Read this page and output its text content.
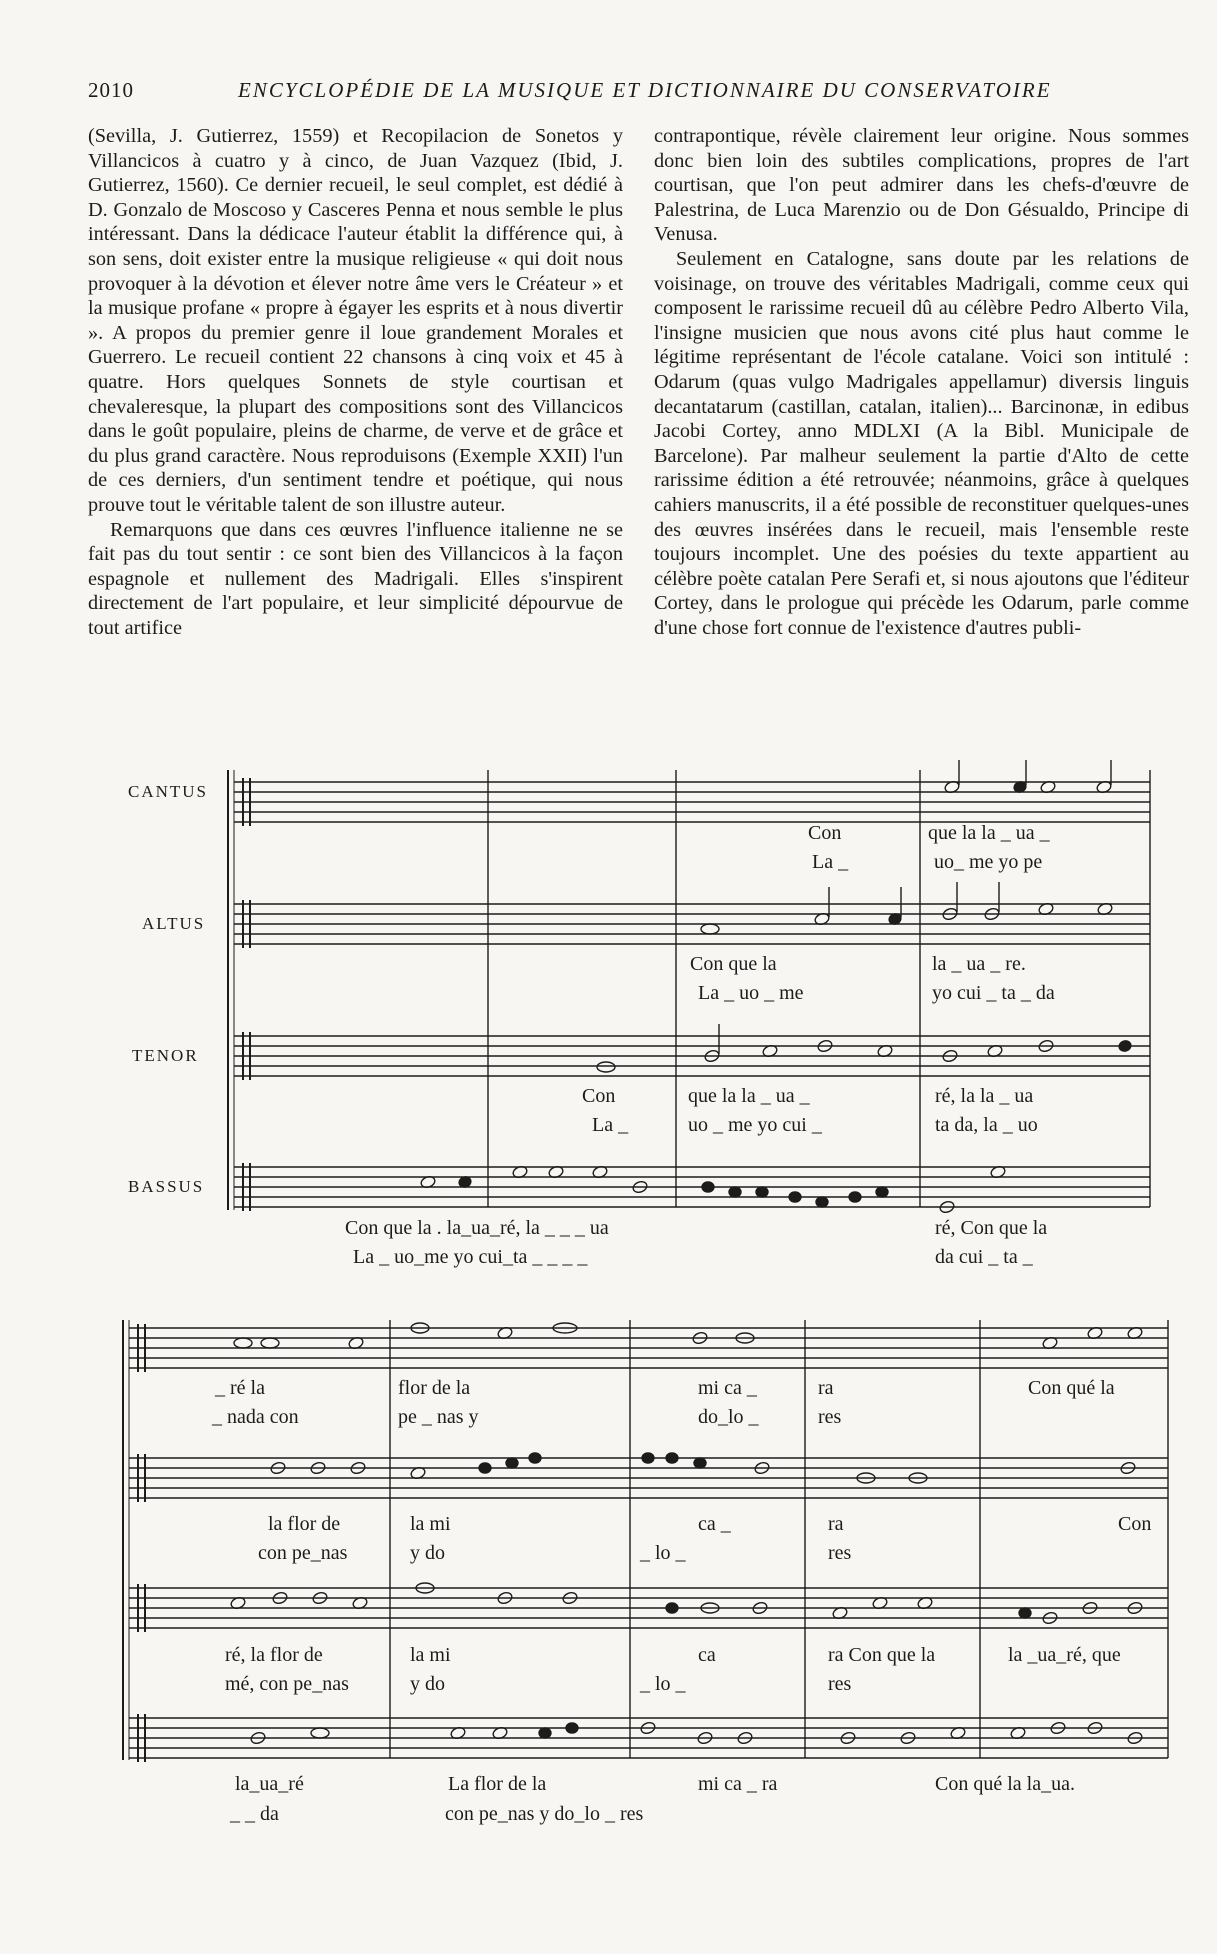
2010	ENCYCLOPÉDIE DE LA MUSIQUE ET DICTIONNAIRE DU CONSERVATOIRE

(Sevilla, J. Gutierrez, 1559) et Recopilacion de Sonetos y Villancicos à cuatro y à cinco, de Juan Vazquez (Ibid, J. Gutierrez, 1560). Ce dernier recueil, le seul complet, est dédié à D. Gonzalo de Moscoso y Casceres Penna et nous semble le plus intéressant. Dans la dédicace l'auteur établit la différence qui, à son sens, doit exister entre la musique religieuse « qui doit nous provoquer à la dévotion et élever notre âme vers le Créateur » et la musique profane « propre à égayer les esprits et à nous divertir ». A propos du premier genre il loue grandement Morales et Guerrero. Le recueil contient 22 chansons à cinq voix et 45 à quatre. Hors quelques Sonnets de style courtisan et chevaleresque, la plupart des compositions sont des Villancicos dans le goût populaire, pleins de charme, de verve et de grâce et du plus grand caractère. Nous reproduisons (Exemple XXII) l'un de ces derniers, d'un sentiment tendre et poétique, qui nous prouve tout le véritable talent de son illustre auteur.

Remarquons que dans ces œuvres l'influence italienne ne se fait pas du tout sentir : ce sont bien des Villancicos à la façon espagnole et nullement des Madrigali. Elles s'inspirent directement de l'art populaire, et leur simplicité dépourvue de tout artifice

contrapontique, révèle clairement leur origine. Nous sommes donc bien loin des subtiles complications, propres de l'art courtisan, que l'on peut admirer dans les chefs-d'œuvre de Palestrina, de Luca Marenzio ou de Don Gésualdo, Principe di Venusa.

Seulement en Catalogne, sans doute par les relations de voisinage, on trouve des véritables Madrigali, comme ceux qui composent le rarissime recueil dû au célèbre Pedro Alberto Vila, l'insigne musicien que nous avons cité plus haut comme le légitime représentant de l'école catalane. Voici son intitulé : Odarum (quas vulgo Madrigales appellamur) diversis linguis decantatarum (castillan, catalan, italien)... Barcinonæ, in edibus Jacobi Cortey, anno MDLXI (A la Bibl. Municipale de Barcelone). Par malheur seulement la partie d'Alto de cette rarissime édition a été retrouvée; néanmoins, grâce à quelques cahiers manuscrits, il a été possible de reconstituer quelques-unes des œuvres insérées dans le recueil, mais l'ensemble reste toujours incomplet. Une des poésies du texte appartient au célèbre poète catalan Pere Serafi et, si nous ajoutons que l'éditeur Cortey, dans le prologue qui précède les Odarum, parle comme d'une chose fort connue de l'existence d'autres publi-

CANTUS
ALTUS
TENOR
BASSUS
Con	que la la _ ua _
La _	uo_ me yo pe
Con que la	la _ ua _ re.
La _ uo _ me	yo cui _ ta _ da
Con	que la la _ ua _	ré, la la _ ua
La _	uo _ me yo cui _	ta da, la _ uo
Con que la . la_ua_ré, la _ _ _ ua	ré, Con que la
La _ uo_me yo cui_ta _ _ _ _	da cui _ ta _
_ ré la	flor de la	mi ca _	ra	Con qué la
_ nada con	pe _ nas y	do_lo _	res
la flor de	la mi	ca _	ra	Con
con pe_nas	y do	_ lo _	res
ré, la flor de	la mi	ca	ra Con que la	la _ua_ré, que
mé, con pe_nas	y do	_ lo _	res
la_ua_ré	La flor de la	mi ca _ ra	Con qué la la_ua.
_ _ da	con pe_nas y do_lo _ res
